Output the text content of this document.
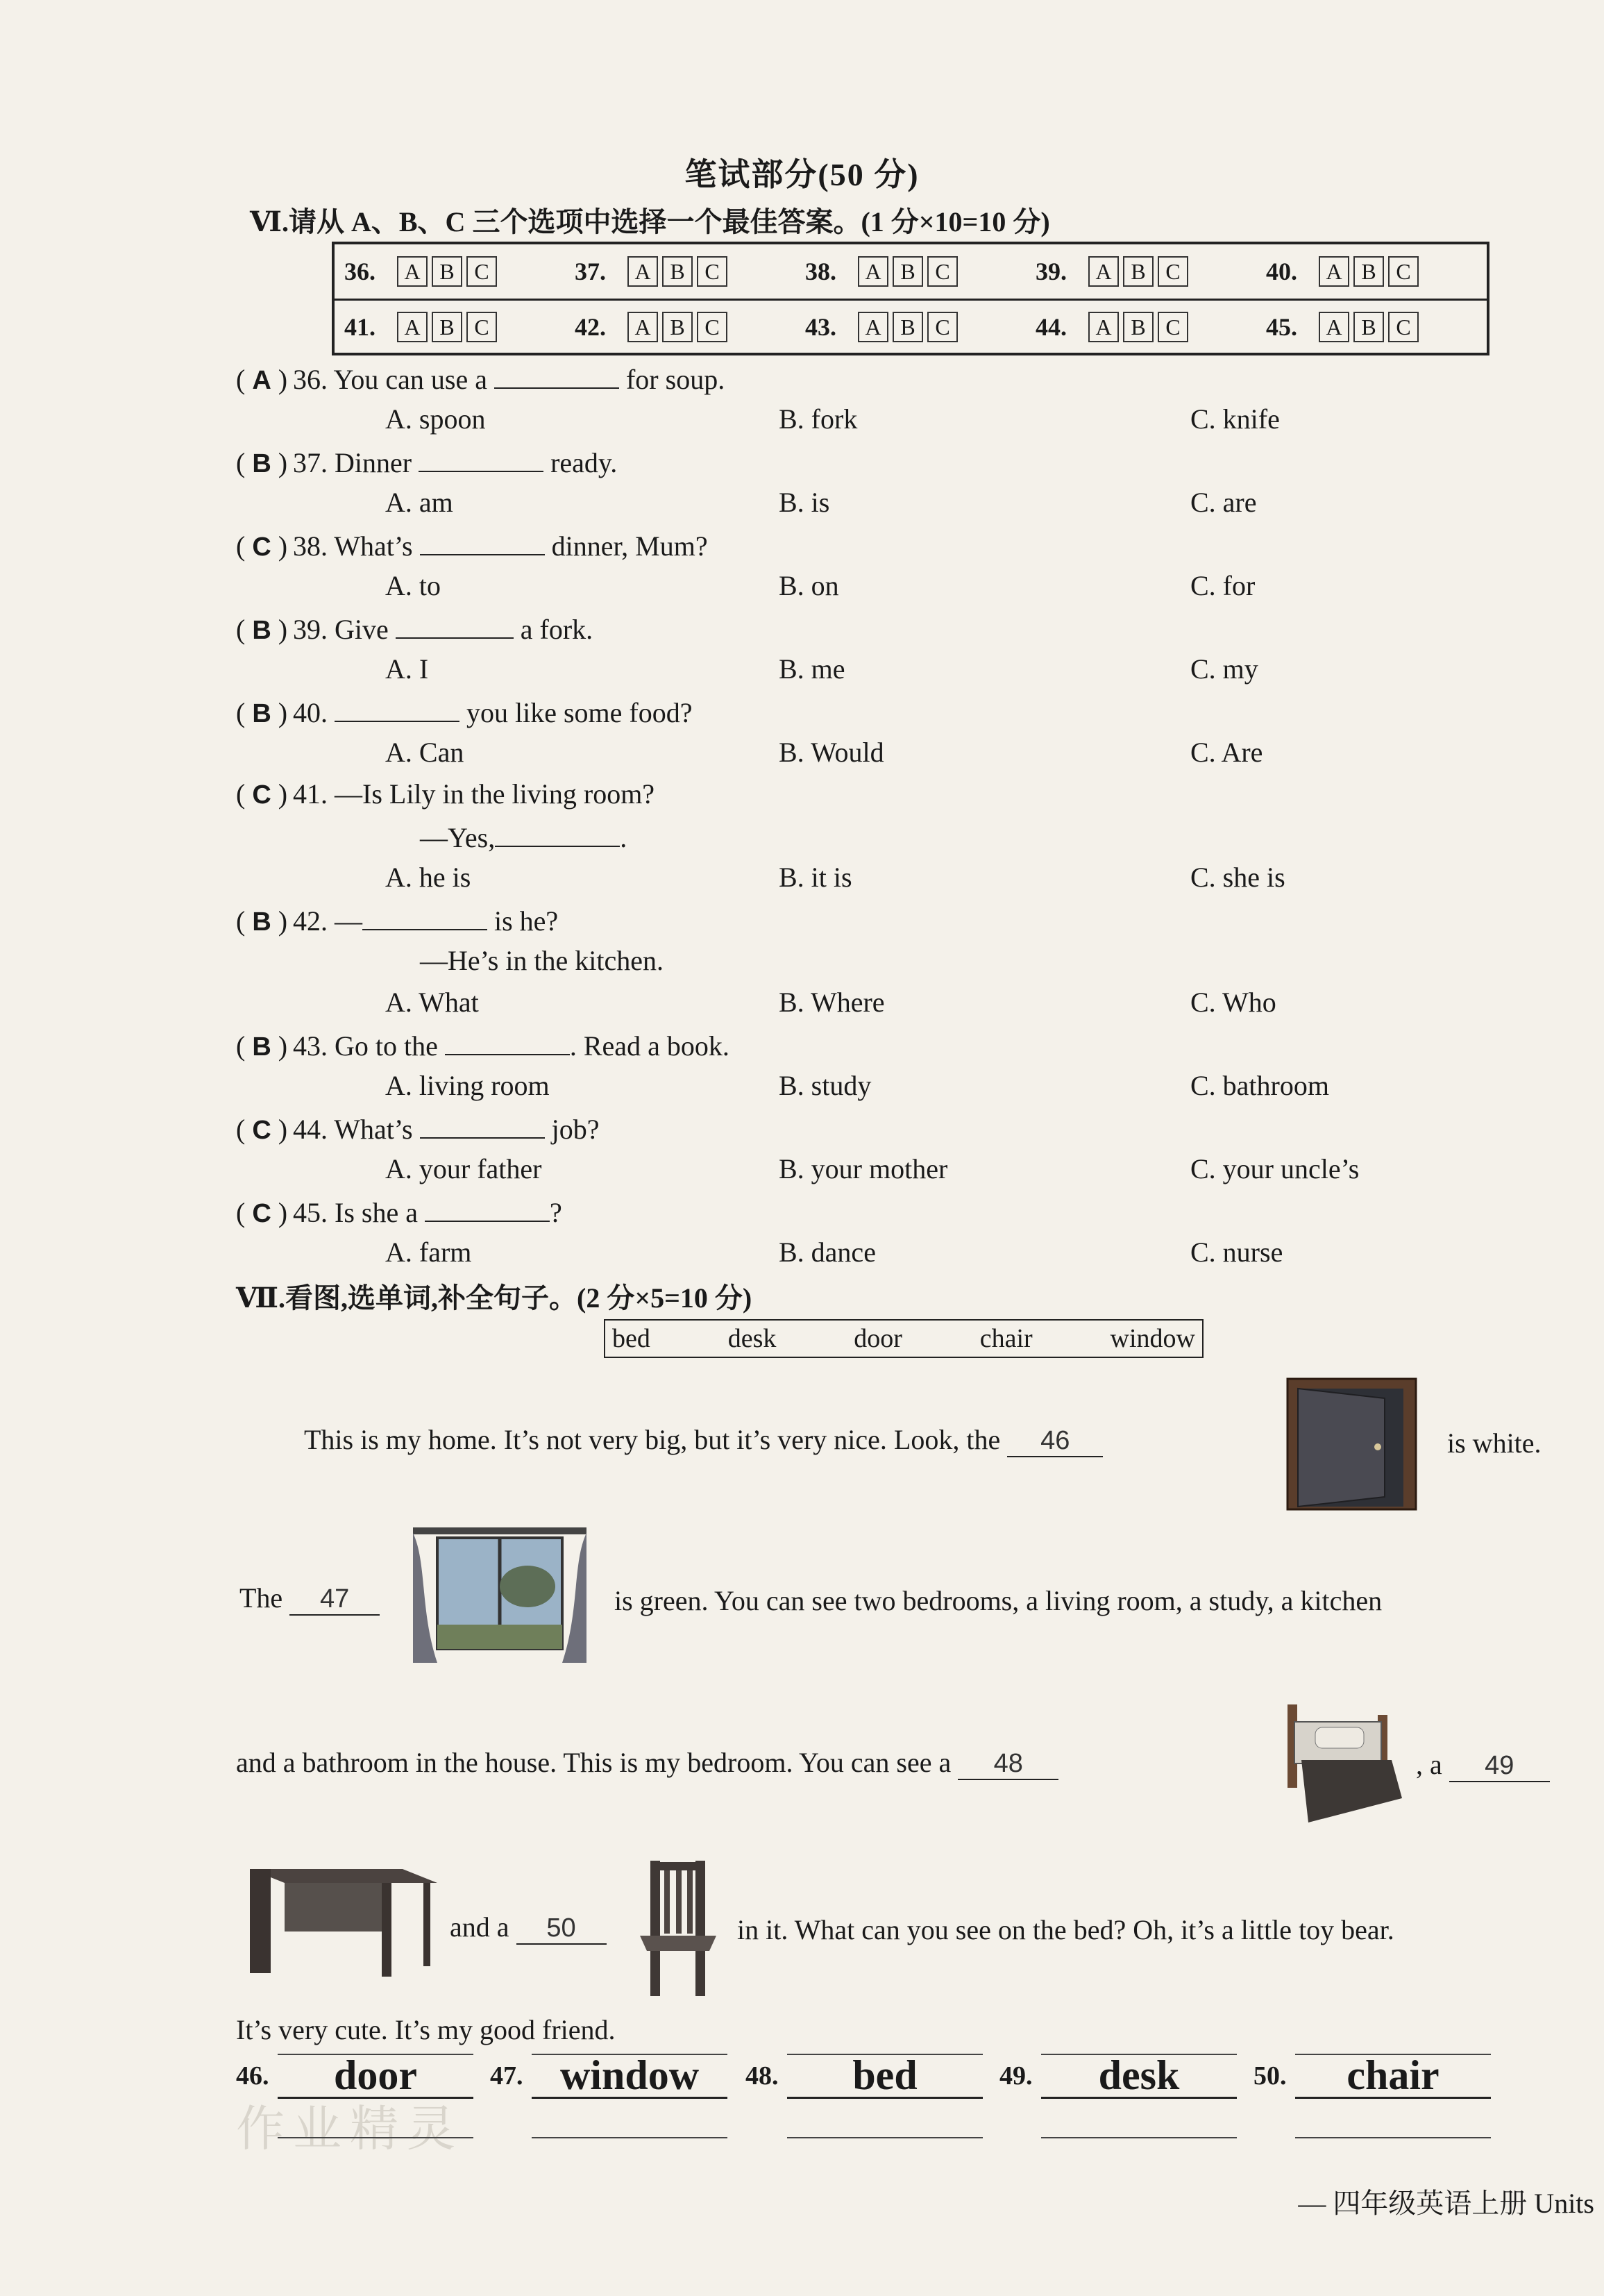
笔试部分(50 分)
Ⅵ.请从 A、B、C 三个选项中选择一个最佳答案。(1 分×10=10 分)
36.	A B C	37.	A B C	38.	A B C	39.	A B C	40.	A B C
41.	A B C	42.	A B C	43.	A B C	44.	A B C	45.	A B C
( A ) 36. You can use a	for soup.
A. spoon	B. fork	C. knife
( B ) 37. Dinner	ready.
A. am	B. is	C. are
( C ) 38. What’s	dinner, Mum?
A. to	B. on	C. for
( B ) 39. Give	a fork.
A. I	B. me	C. my
( B ) 40.	you like some food?
A. Can	B. Would	C. Are
( C ) 41. —Is Lily in the living room?
—Yes,	.
A. he is	B. it is	C. she is
( B ) 42. —	is he?
—He’s in the kitchen.
A. What	B. Where	C. Who
( B ) 43. Go to the	. Read a book.
A. living room	B. study	C. bathroom
( C ) 44. What’s	job?
A. your father	B. your mother	C. your uncle’s
( C ) 45. Is she a	?
A. farm	B. dance	C. nurse
Ⅶ.看图,选单词,补全句子。(2 分×5=10 分)
bed	desk	door	chair	window
This is my home. It’s not very big, but it’s very nice. Look, the 46	is white.
The 47	is green. You can see two bedrooms, a living room, a study, a kitchen
and a bathroom in the house. This is my bedroom. You can see a 48	, a 49
and a 50	in it. What can you see on the bed? Oh, it’s a little toy bear.
It’s very cute. It’s my good friend.
作业精灵
46.	door	47. window	48.	bed	49.	desk	50.	chair
— 四年级英语上册 Units
